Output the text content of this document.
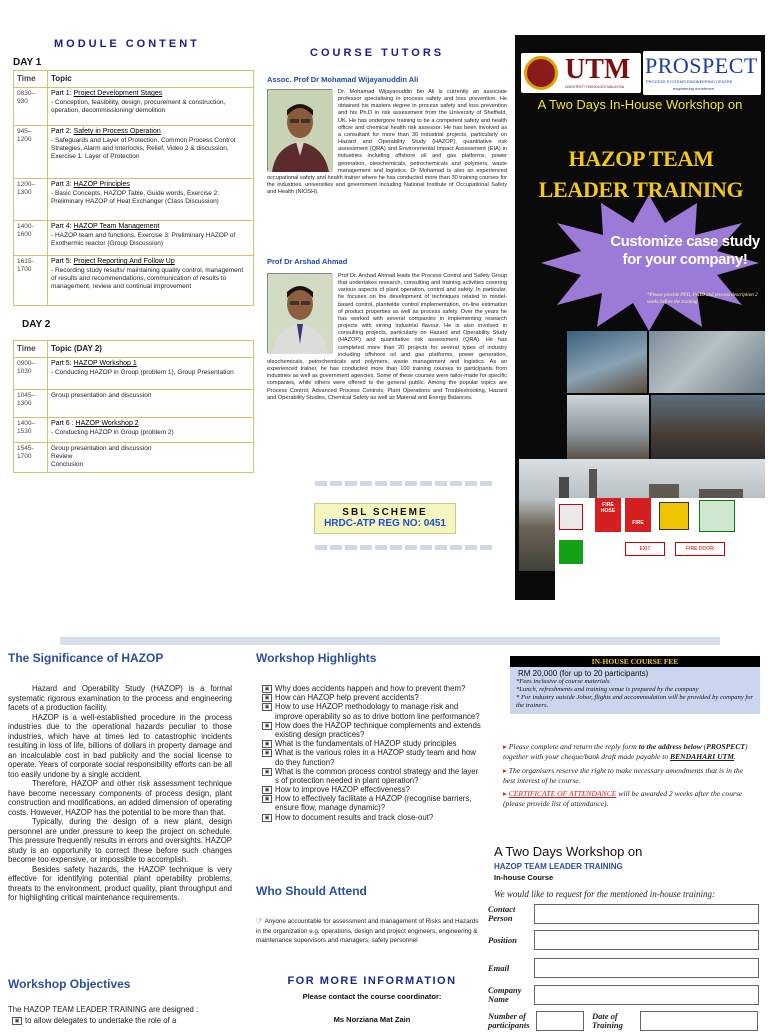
MODULE CONTENT
DAY 1
Time	Topic
0830–930	Part 1: Project Development Stages
- Conception, feasibility, design, procurement & construction, operation, decommissioning/ demolition

945–1200	Part 2: Safety in Process Operation
- Safeguards and Layer of Protection, Common Process Control Strategies, Alarm and Interlocks, Relief, Video 2 & discussion, Exercise 1: Layer of Protection

1200–1300	Part 3: HAZOP Principles
- Basic Concepts, HAZOP Table, Guide words, Exercise 2: Preliminary HAZOP of Heat Exchanger (Class Discussion)

1400-1600	Part 4: HAZOP Team Management
- HAZOP team and functions, Exercise 3: Preliminary HAZOP of Exothermic reactor (Group Discussion)

1615-1700	Part 5: Project Reporting And Follow Up
- Recording study results/ maintaining quality control, management of results and recommendations, communication of results to management, review and continual improvement
DAY 2
Time	Topic (DAY 2)
0900–1030	Part 5: HAZOP Workshop 1
- Conducting HAZOP in Group (problem 1), Group Presentation

1045–1300	Group presentation and discussion

1400–1530	Part 6 : HAZOP Workshop 2
- Conducting HAZOP in Group (problem 2)

1545-1700	Group presentation and discussion
Review
Conclusion
COURSE TUTORS
Assoc. Prof Dr Mohamad Wijayanuddin Ali
Dr. Mohamad Wijayanuddin bin Ali is currently an associate professor specialising in process safety and loss prevention. He obtained his masters degree in process safety and loss prevention and his Ph.D in risk assessment from the University of Sheffield, UK. He has undergone training to be a competent safety and health officer and chemical health risk assessor. He has been involved as a consultant for more than 30 industrial projects, particularly on Hazard and Operability Study (HAZOP), quantitative risk assessment (QRA) and Environmental Impact Assessment (EIA) in industries including offshore oil and gas platforms, power generation, oleochemicals, petrochemicals and polymers, waste management and logistics. Dr Mohamad is also an experienced occupational safety and health trainer where he has conducted more than 30 training courses for the industries, universities and government including National Institute of Occupational Safety and Health (NIOSH).
Prof Dr Arshad Ahmad
Prof Dr. Arshad Ahmad leads the Process Control and Safety Group that undertakes research, consulting and training activities covering various aspects of plant operation, control and safety. In particular, he focuses on the development of techniques related to model-based control, plantwide control implementation, on-line estimation of product properties as well as process safety. Over the years he has worked with several companies in implementing research projects with strong industrial flavour. He is also involved in consulting projects, particularly on Hazard and Operability Study (HAZOP) and quantitative risk assessment (QRA). He has completed more than 20 projects for several types of industry including offshore oil and gas platforms, power generation, oleochemicals, petrochemicals and polymers, waste management and logistics. As an experienced trainer, he has conducted more than 100 training courses to participants from industries as well as government agencies. Some of these courses were tailor-made for specific companies, while others were offered to the general public. Among the popular topics are Process Control, Advanced Process Controls, Plant Operations and Troubleshooting, Hazard and Operability Studies, Chemical Safety as well as Material and Energy Balances.
SBL SCHEME
HRDC-ATP REG NO: 0451
UTM
UNIVERSITI TEKNOLOGI MALAYSIA
PROSPECT
PROCESS SYSTEMS ENGINEERING CENTRE
engineering excellence
A Two Days In-House Workshop on
HAZOP TEAM LEADER TRAINING
Customize case study for your company!
*Please provide PFD, P&ID and process description 2 weeks before the training.
FIRE HOSE
FIRE
EXIT	FIRE DOOR
The Significance of HAZOP

Hazard and Operability Study (HAZOP) is a formal systematic rigorous examination to the process and engineering facets of a production facility.

HAZOP is a well-established procedure in the process industries due to the operational hazards peculiar to those industries, which have at times led to catastrophic incidents resulting in loss of life, billions of dollars in property damage and an incalculable cost in bad publicity and the social license to operate. Years of corporate social responsibility efforts can be all too easily undone by a single accident.

Therefore, HAZOP and other risk assessment technique have become necessary components of process design, plant construction and modifications, an added dimension of operating costs. However, HAZOP has the potential to be more than that.

Typically, during the design of a new plant, design personnel are under pressure to keep the project on schedule. This pressure frequently results in errors and oversights. HAZOP study is an opportunity to correct these before such changes become too expensive, or impossible to accomplish.

Besides safety hazards, the HAZOP technique is very effective for identifying potential plant operability problems, threats to the environment, product quality, plant throughput and for highlighting critical maintenance requirements.

Workshop Objectives
The HAZOP TEAM LEADER TRAINING are designed :
▣ to allow delegates to undertake the role of a
Workshop Highlights
▣ Why does accidents happen and how to prevent them?
▣ How can HAZOP help prevent accidents?
▣ How to use HAZOP methodology to manage risk and improve operability so as to drive bottom line performance?
▣ How does the HAZOP technique complements and extends existing design practices?
▣ What is the fundamentals of HAZOP study principles
▣ What is the various roles in a HAZOP study team and how do they function?
▣ What is the common process control strategy and the layer s of protection needed in plant operation?
▣ How to improve HAZOP effectiveness?
▣ How to effectively facilitate a HAZOP (recognise barriers, ensure flow, manage dynamic)?
▣ How to document results and track close-out?
Who Should Attend
☞ Anyone accountable for assessment and management of Risks and Hazards in the organization e.g. operations, design and project engineers, engineering & maintenance supervisors and managers; safety personnel
FOR MORE INFORMATION
Please contact the course coordinator:
Ms Norziana Mat Zain
IN-HOUSE COURSE FEE
RM 20,000 (for up to 20 participants)
*Fees inclusive of course materials.
*Lunch, refreshments and training venue is prepared by the company
* For industry outside Johor, flights and accommodation will be provided by company for the trainers.
▸ Please complete and return the reply form to the address below (PROSPECT) together with your cheque/bank draft made payable to BENDAHARI UTM.
▸ The organisers reserve the right to make necessary amendments that is in the best interest of he course.
▸ CERTIFICATE OF ATTENDANCE will be awarded 2 weeks after the course (please provide list of attendance).
A Two Days Workshop on
HAZOP TEAM LEADER TRAINING
In-house Course
We would like to request for the mentioned in-house training:
Contact Person
Position
Email
Company Name
Number of participants
Date of Training
